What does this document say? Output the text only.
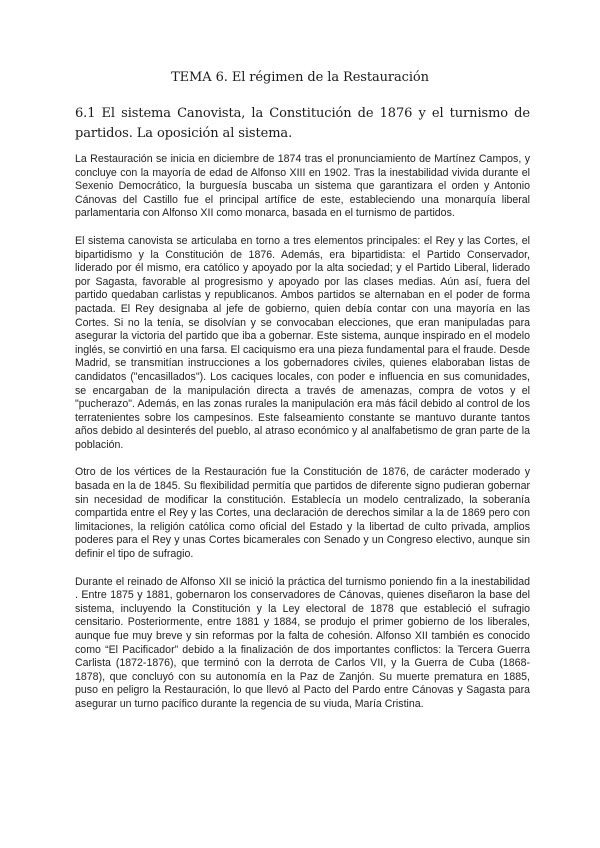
TEMA 6. El régimen de la Restauración
6.1 El sistema Canovista, la Constitución de 1876 y el turnismo de partidos. La oposición al sistema.

La Restauración se inicia en diciembre de 1874 tras el pronunciamiento de Martínez Campos, y concluye con la mayoría de edad de Alfonso XIII en 1902. Tras la inestabilidad vivida durante el Sexenio Democrático, la burguesía buscaba un sistema que garantizara el orden y Antonio Cánovas del Castillo fue el principal artífice de este, estableciendo una monarquía liberal parlamentaria con Alfonso XII como monarca, basada en el turnismo de partidos.

El sistema canovista se articulaba en torno a tres elementos principales: el Rey y las Cortes, el bipartidismo y la Constitución de 1876. Además, era bipartidista: el Partido Conservador, liderado por él mismo, era católico y apoyado por la alta sociedad; y el Partido Liberal, liderado por Sagasta, favorable al progresismo y apoyado por las clases medias. Aún así, fuera del partido quedaban carlistas y republicanos. Ambos partidos se alternaban en el poder de forma pactada. El Rey designaba al jefe de gobierno, quien debía contar con una mayoría en las Cortes. Si no la tenía, se disolvían y se convocaban elecciones, que eran manipuladas para asegurar la victoria del partido que iba a gobernar. Este sistema, aunque inspirado en el modelo inglés, se convirtió en una farsa. El caciquismo era una pieza fundamental para el fraude. Desde Madrid, se transmitían instrucciones a los gobernadores civiles, quienes elaboraban listas de candidatos ("encasillados"). Los caciques locales, con poder e influencia en sus comunidades, se encargaban de la manipulación directa a través de amenazas, compra de votos y el "pucherazo". Además, en las zonas rurales la manipulación era más fácil debido al control de los terratenientes sobre los campesinos. Este falseamiento constante se mantuvo durante tantos años debido al desinterés del pueblo, al atraso económico y al analfabetismo de gran parte de la población.

Otro de los vértices de la Restauración fue la Constitución de 1876, de carácter moderado y basada en la de 1845. Su flexibilidad permitía que partidos de diferente signo pudieran gobernar sin necesidad de modificar la constitución. Establecía un modelo centralizado, la soberanía compartida entre el Rey y las Cortes, una declaración de derechos similar a la de 1869 pero con limitaciones, la religión católica como oficial del Estado y la libertad de culto privada, amplios poderes para el Rey y unas Cortes bicamerales con Senado y un Congreso electivo, aunque sin definir el tipo de sufragio.

Durante el reinado de Alfonso XII se inició la práctica del turnismo poniendo fin a la inestabilidad . Entre 1875 y 1881, gobernaron los conservadores de Cánovas, quienes diseñaron la base del sistema, incluyendo la Constitución y la Ley electoral de 1878 que estableció el sufragio censitario. Posteriormente, entre 1881 y 1884, se produjo el primer gobierno de los liberales, aunque fue muy breve y sin reformas por la falta de cohesión. Alfonso XII también es conocido como “El Pacificador” debido a la finalización de dos importantes conflictos: la Tercera Guerra Carlista (1872-1876), que terminó con la derrota de Carlos VII, y la Guerra de Cuba (1868-1878), que concluyó con su autonomía en la Paz de Zanjón. Su muerte prematura en 1885, puso en peligro la Restauración, lo que llevó al Pacto del Pardo entre Cánovas y Sagasta para asegurar un turno pacífico durante la regencia de su viuda, María Cristina.
